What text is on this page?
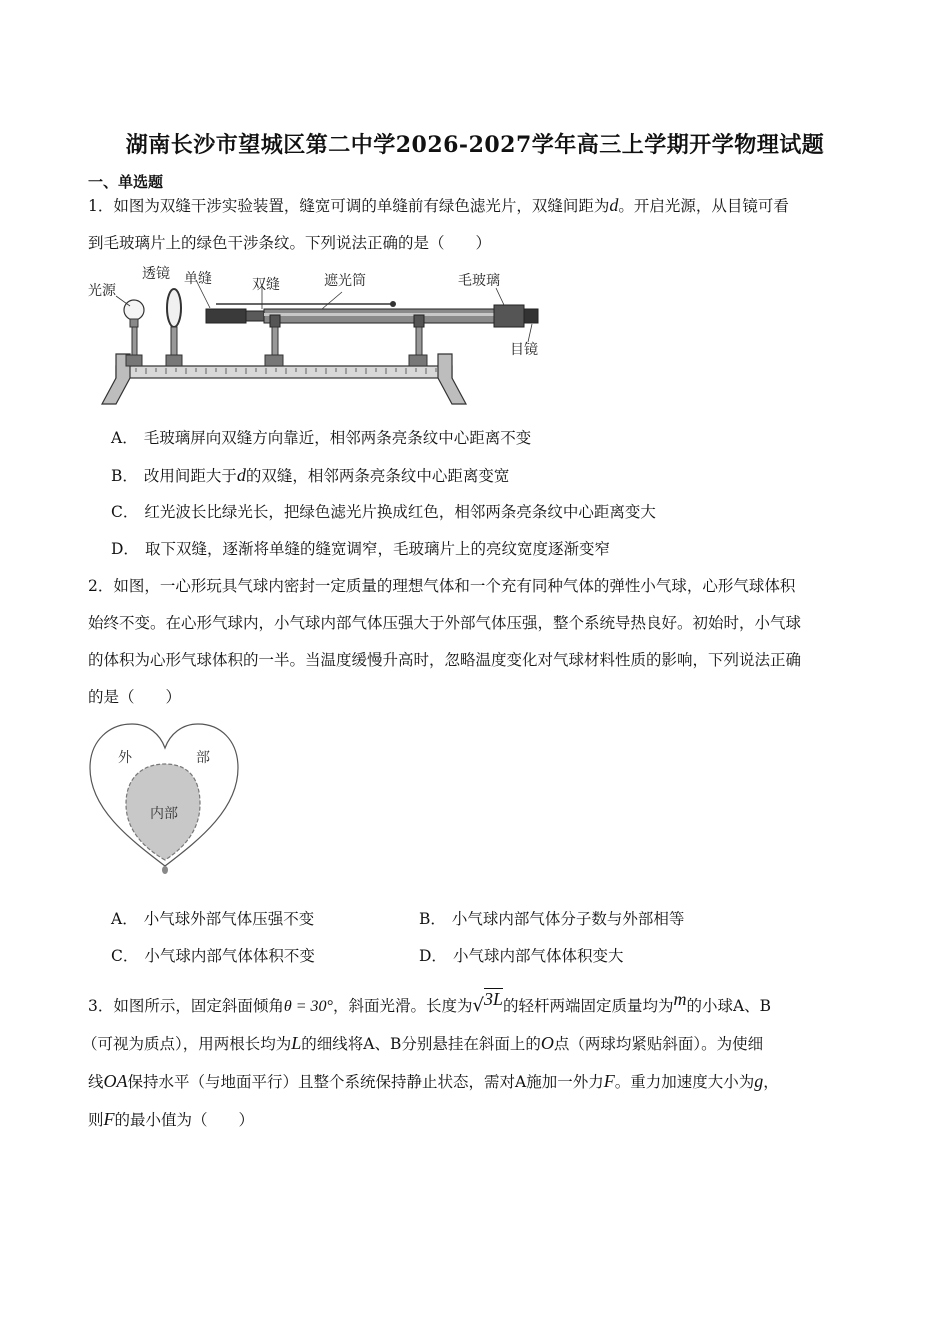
湖南长沙市望城区第二中学2026-2027学年高三上学期开学物理试题
一、单选题
1．如图为双缝干涉实验装置，缝宽可调的单缝前有绿色滤光片，双缝间距为d。开启光源，从目镜可看
到毛玻璃片上的绿色干涉条纹。下列说法正确的是（　　）
光源
透镜 单缝	双缝	遮光筒	毛玻璃
目镜
A． 毛玻璃屏向双缝方向靠近，相邻两条亮条纹中心距离不变
B． 改用间距大于d的双缝，相邻两条亮条纹中心距离变宽
C． 红光波长比绿光长，把绿色滤光片换成红色，相邻两条亮条纹中心距离变大
D． 取下双缝，逐渐将单缝的缝宽调窄，毛玻璃片上的亮纹宽度逐渐变窄
2．如图，一心形玩具气球内密封一定质量的理想气体和一个充有同种气体的弹性小气球，心形气球体积
始终不变。在心形气球内，小气球内部气体压强大于外部气体压强，整个系统导热良好。初始时，小气球
的体积为心形气球体积的一半。当温度缓慢升高时，忽略温度变化对气球材料性质的影响，下列说法正确
的是（　　）
外	部
内部
A． 小气球外部气体压强不变	B． 小气球内部气体分子数与外部相等
C． 小气球内部气体体积不变	D． 小气球内部气体体积变大
3．如图所示，固定斜面倾角θ = 30°，斜面光滑。长度为√3L的轻杆两端固定质量均为m的小球A、B
（可视为质点），用两根长均为L的细线将A、B分别悬挂在斜面上的O点（两球均紧贴斜面）。为使细
线OA保持水平（与地面平行）且整个系统保持静止状态，需对A施加一外力F。重力加速度大小为g，
则F的最小值为（　　）
